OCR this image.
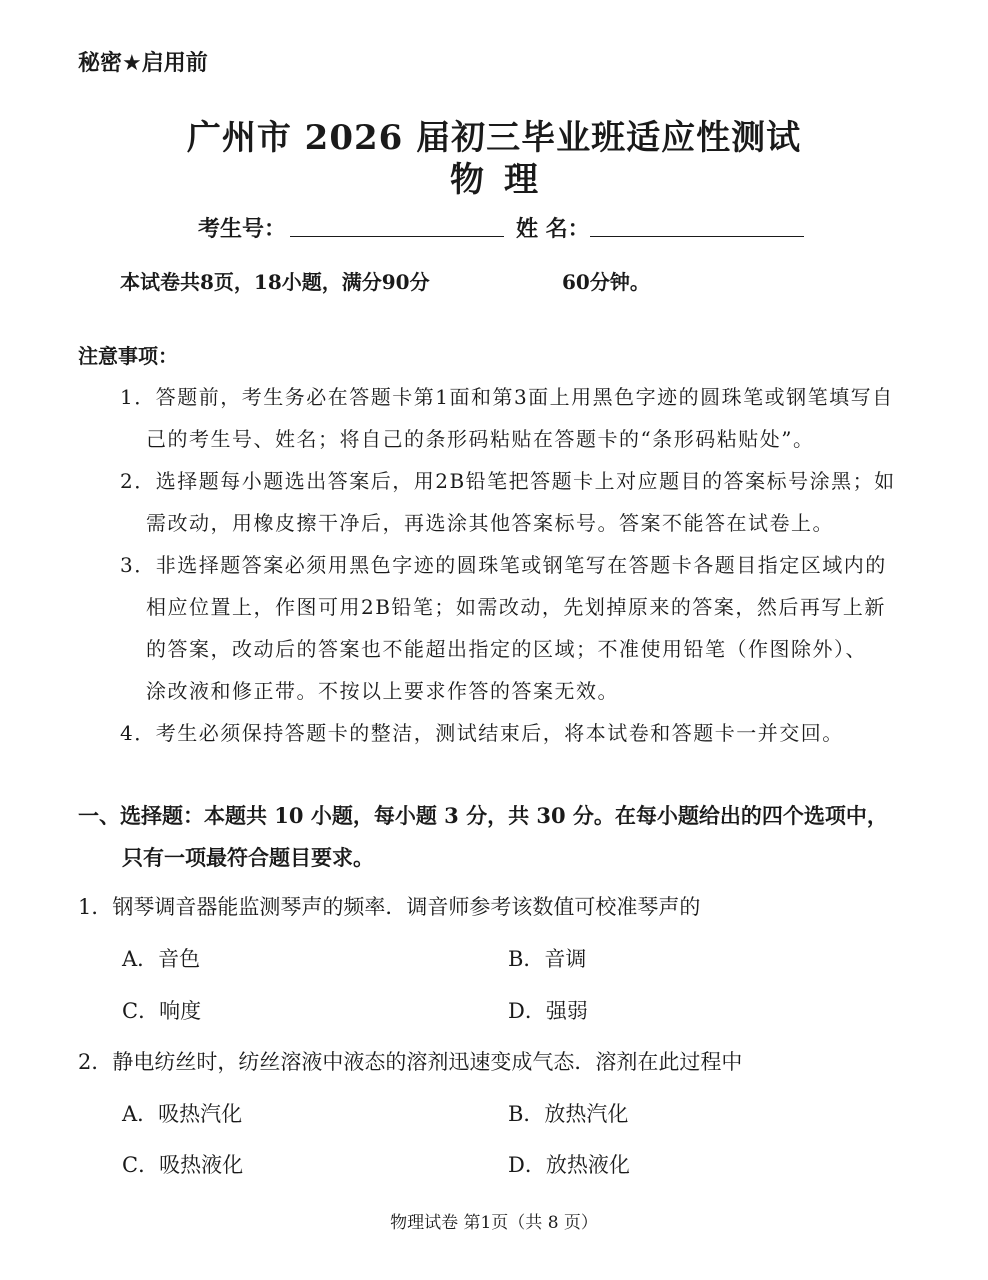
秘密★启用前
广州市 2026 届初三毕业班适应性测试
物理
考生号：	姓 名：
本试卷共8页，18小题，满分90分	60分钟。
注意事项：
1．答题前，考生务必在答题卡第1面和第3面上用黑色字迹的圆珠笔或钢笔填写自
己的考生号、姓名；将自己的条形码粘贴在答题卡的“条形码粘贴处”。
2．选择题每小题选出答案后，用2B铅笔把答题卡上对应题目的答案标号涂黑；如
需改动，用橡皮擦干净后，再选涂其他答案标号。答案不能答在试卷上。
3．非选择题答案必须用黑色字迹的圆珠笔或钢笔写在答题卡各题目指定区域内的
相应位置上，作图可用2B铅笔；如需改动，先划掉原来的答案，然后再写上新
的答案，改动后的答案也不能超出指定的区域；不准使用铅笔（作图除外）、
涂改液和修正带。不按以上要求作答的答案无效。
4．考生必须保持答题卡的整洁，测试结束后，将本试卷和答题卡一并交回。
一、选择题：本题共 10 小题，每小题 3 分，共 30 分。在每小题给出的四个选项中，
只有一项最符合题目要求。
1．钢琴调音器能监测琴声的频率．调音师参考该数值可校准琴声的
A．音色	B．音调
C．响度	D．强弱
2．静电纺丝时，纺丝溶液中液态的溶剂迅速变成气态．溶剂在此过程中
A．吸热汽化	B．放热汽化
C．吸热液化	D．放热液化
物理试卷 第1页（共 8 页）
